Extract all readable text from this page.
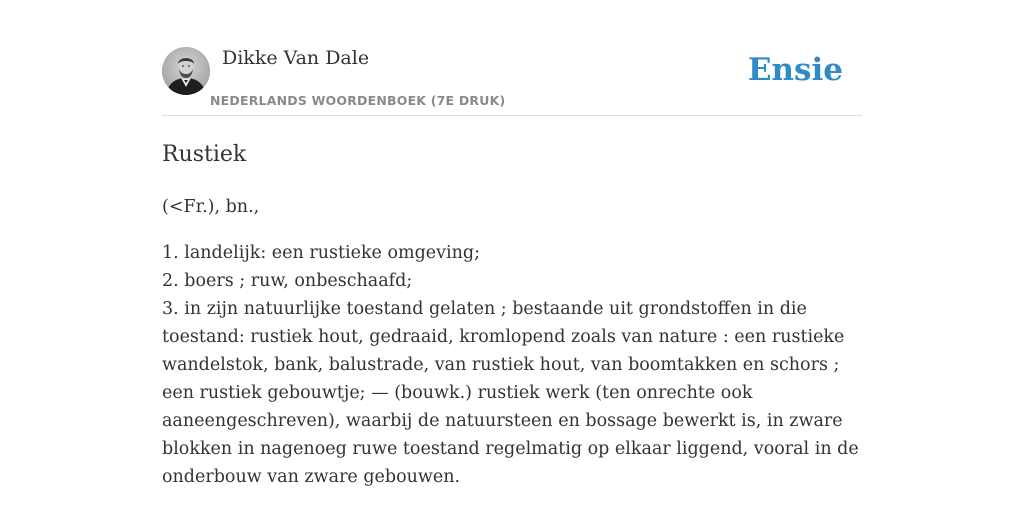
Dikke Van Dale
NEDERLANDS WOORDENBOEK (7E DRUK)
Ensie
Rustiek

(<Fr.), bn.,

1. landelijk: een rustieke omgeving;
2. boers ; ruw, onbeschaafd;
3. in zijn natuurlijke toestand gelaten ; bestaande uit grondstoffen in die toestand: rustiek hout, gedraaid, kromlopend zoals van nature : een rustieke wandelstok, bank, balustrade, van rustiek hout, van boomtakken en schors ; een rustiek gebouwtje; — (bouwk.) rustiek werk (ten onrechte ook aaneengeschreven), waarbij de natuursteen en bossage bewerkt is, in zware blokken in nagenoeg ruwe toestand regelmatig op elkaar liggend, vooral in de onderbouw van zware gebouwen.
